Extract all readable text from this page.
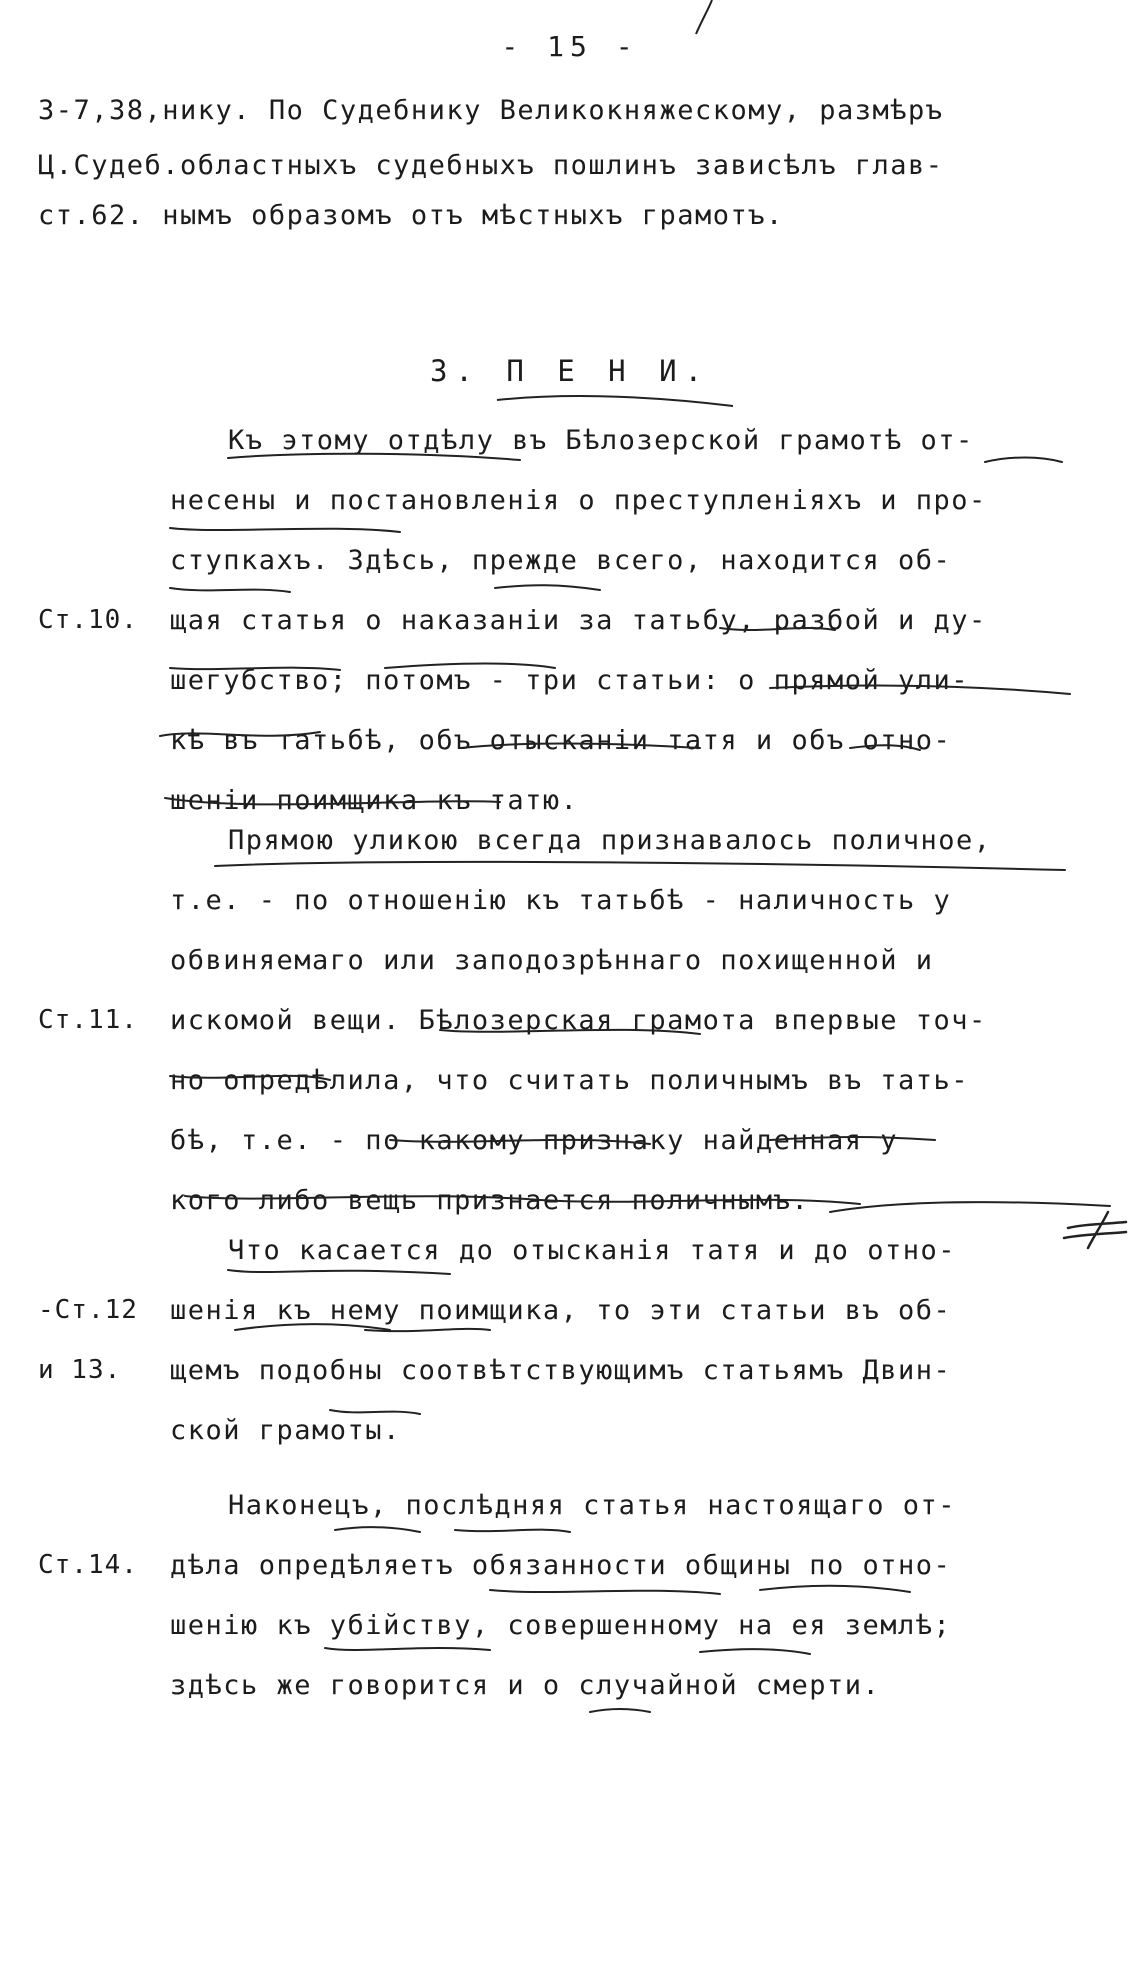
- 15 -
3-7,38,нику. По Судебнику Великокняжескому, размѣръ
Ц.Судеб.областныхъ судебныхъ пошлинъ зависѣлъ глав-
ст.62. нымъ образомъ отъ мѣстныхъ грамотъ.
3. П Е Н И.
Къ этому отдѣлу въ Бѣлозерской грамотѣ от-
несены и постановленія о преступленіяхъ и про-
ступкахъ. Здѣсь, прежде всего, находится об-
Ст.10. щая статья о наказаніи за татьбу, разбой и ду-
шегубство; потомъ - три статьи: о прямой ули-
кѣ въ татьбѣ, объ отысканіи татя и объ отно-
шеніи поимщика къ татю.
Прямою уликою всегда признавалось поличное,
т.е. - по отношенію къ татьбѣ - наличность у
обвиняемаго или заподозрѣннаго похищенной и
Ст.11. искомой вещи. Бѣлозерская грамота впервые точ-
но опредѣлила, что считать поличнымъ въ тать-
бѣ, т.е. - по какому признаку найденная у
кого либо вещь признается поличнымъ.
Что касается до отысканія татя и до отно-
-Ст.12 шенія къ нему поимщика, то эти статьи въ об-
и 13. щемъ подобны соотвѣтствующимъ статьямъ Двин-
ской грамоты.
Наконецъ, послѣдняя статья настоящаго от-
Ст.14. дѣла опредѣляетъ обязанности общины по отно-
шенію къ убійству, совершенному на ея землѣ;
здѣсь же говорится и о случайной смерти.
